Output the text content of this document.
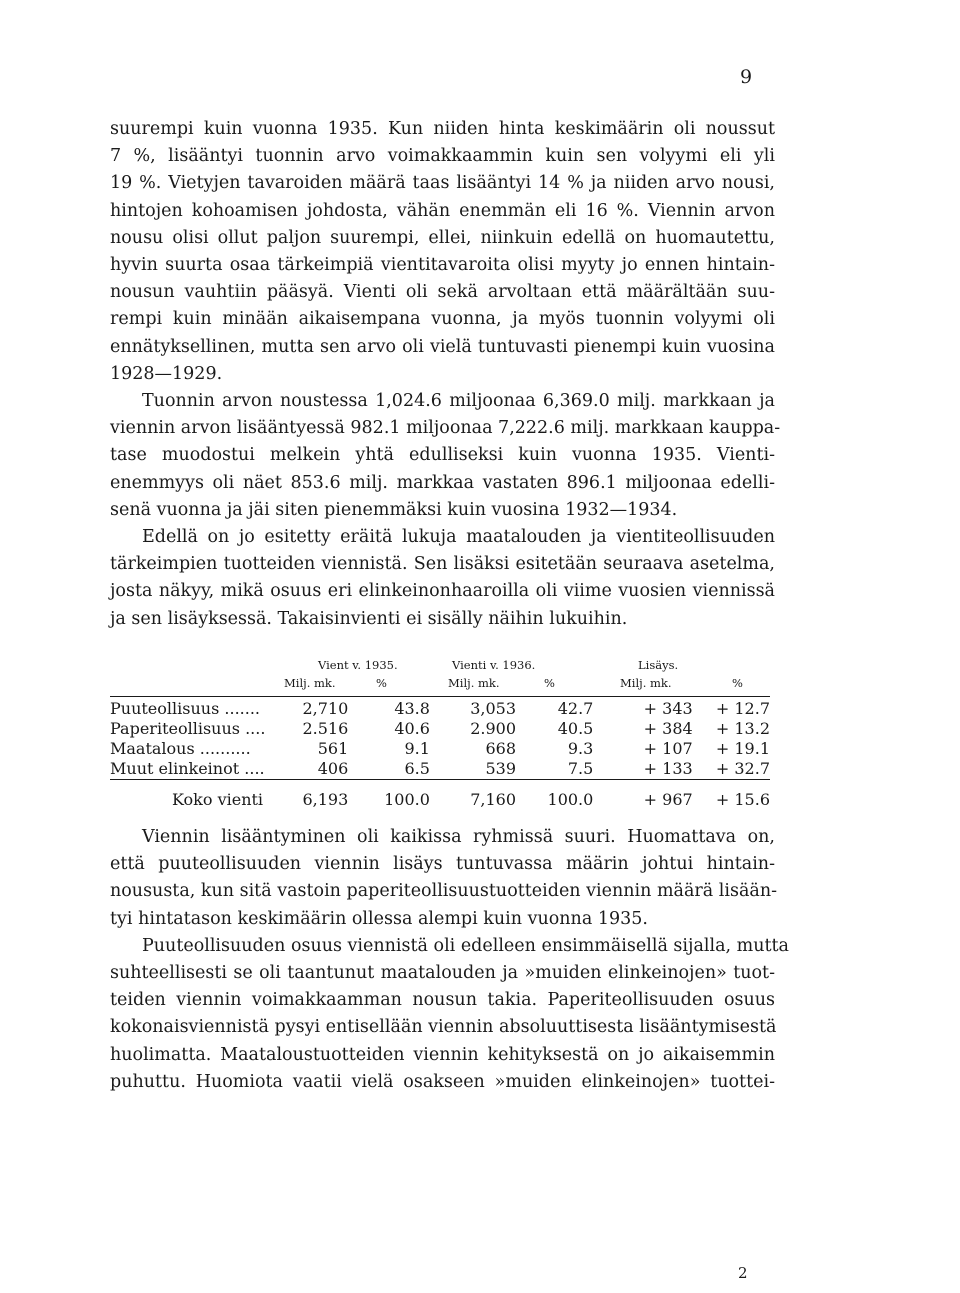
9
suurempi kuin vuonna 1935. Kun niiden hinta keskimäärin oli noussut
7 %, lisääntyi tuonnin arvo voimakkaammin kuin sen volyymi eli yli
19 %. Vietyjen tavaroiden määrä taas lisääntyi 14 % ja niiden arvo nousi,
hintojen kohoamisen johdosta, vähän enemmän eli 16 %. Viennin arvon
nousu olisi ollut paljon suurempi, ellei, niinkuin edellä on huomautettu,
hyvin suurta osaa tärkeimpiä vientitavaroita olisi myyty jo ennen hintain-
nousun vauhtiin pääsyä. Vienti oli sekä arvoltaan että määrältään suu-
rempi kuin minään aikaisempana vuonna, ja myös tuonnin volyymi oli
ennätyksellinen, mutta sen arvo oli vielä tuntuvasti pienempi kuin vuosina
1928—1929.
Tuonnin arvon noustessa 1,024.6 miljoonaa 6,369.0 milj. markkaan ja
viennin arvon lisääntyessä 982.1 miljoonaa 7,222.6 milj. markkaan kauppa-
tase muodostui melkein yhtä edulliseksi kuin vuonna 1935. Vienti-
enemmyys oli näet 853.6 milj. markkaa vastaten 896.1 miljoonaa edelli-
senä vuonna ja jäi siten pienemmäksi kuin vuosina 1932—1934.
Edellä on jo esitetty eräitä lukuja maatalouden ja vientiteollisuuden
tärkeimpien tuotteiden viennistä. Sen lisäksi esitetään seuraava asetelma,
josta näkyy, mikä osuus eri elinkeinonhaaroilla oli viime vuosien viennissä
ja sen lisäyksessä. Takaisinvienti ei sisälly näihin lukuihin.
Vient v. 1935.	Vienti v. 1936.	Lisäys.
Milj. mk.	%	Milj. mk.	%	Milj. mk.	%
Puuteollisuus .......	2,710	43.8	3,053	42.7	+ 343	+ 12.7
Paperiteollisuus ....	2.516	40.6	2.900	40.5	+ 384	+ 13.2
Maatalous ..........	561	9.1	668	9.3	+ 107	+ 19.1
Muut elinkeinot ....	406	6.5	539	7.5	+ 133	+ 32.7
Koko vienti	6,193	100.0	7,160	100.0	+ 967	+ 15.6
Viennin lisääntyminen oli kaikissa ryhmissä suuri. Huomattava on,
että puuteollisuuden viennin lisäys tuntuvassa määrin johtui hintain-
noususta, kun sitä vastoin paperiteollisuustuotteiden viennin määrä lisään-
tyi hintatason keskimäärin ollessa alempi kuin vuonna 1935.
Puuteollisuuden osuus viennistä oli edelleen ensimmäisellä sijalla, mutta
suhteellisesti se oli taantunut maatalouden ja »muiden elinkeinojen» tuot-
teiden viennin voimakkaamman nousun takia. Paperiteollisuuden osuus
kokonaisviennistä pysyi entisellään viennin absoluuttisesta lisääntymisestä
huolimatta. Maataloustuotteiden viennin kehityksestä on jo aikaisemmin
puhuttu. Huomiota vaatii vielä osakseen »muiden elinkeinojen» tuottei-
2
